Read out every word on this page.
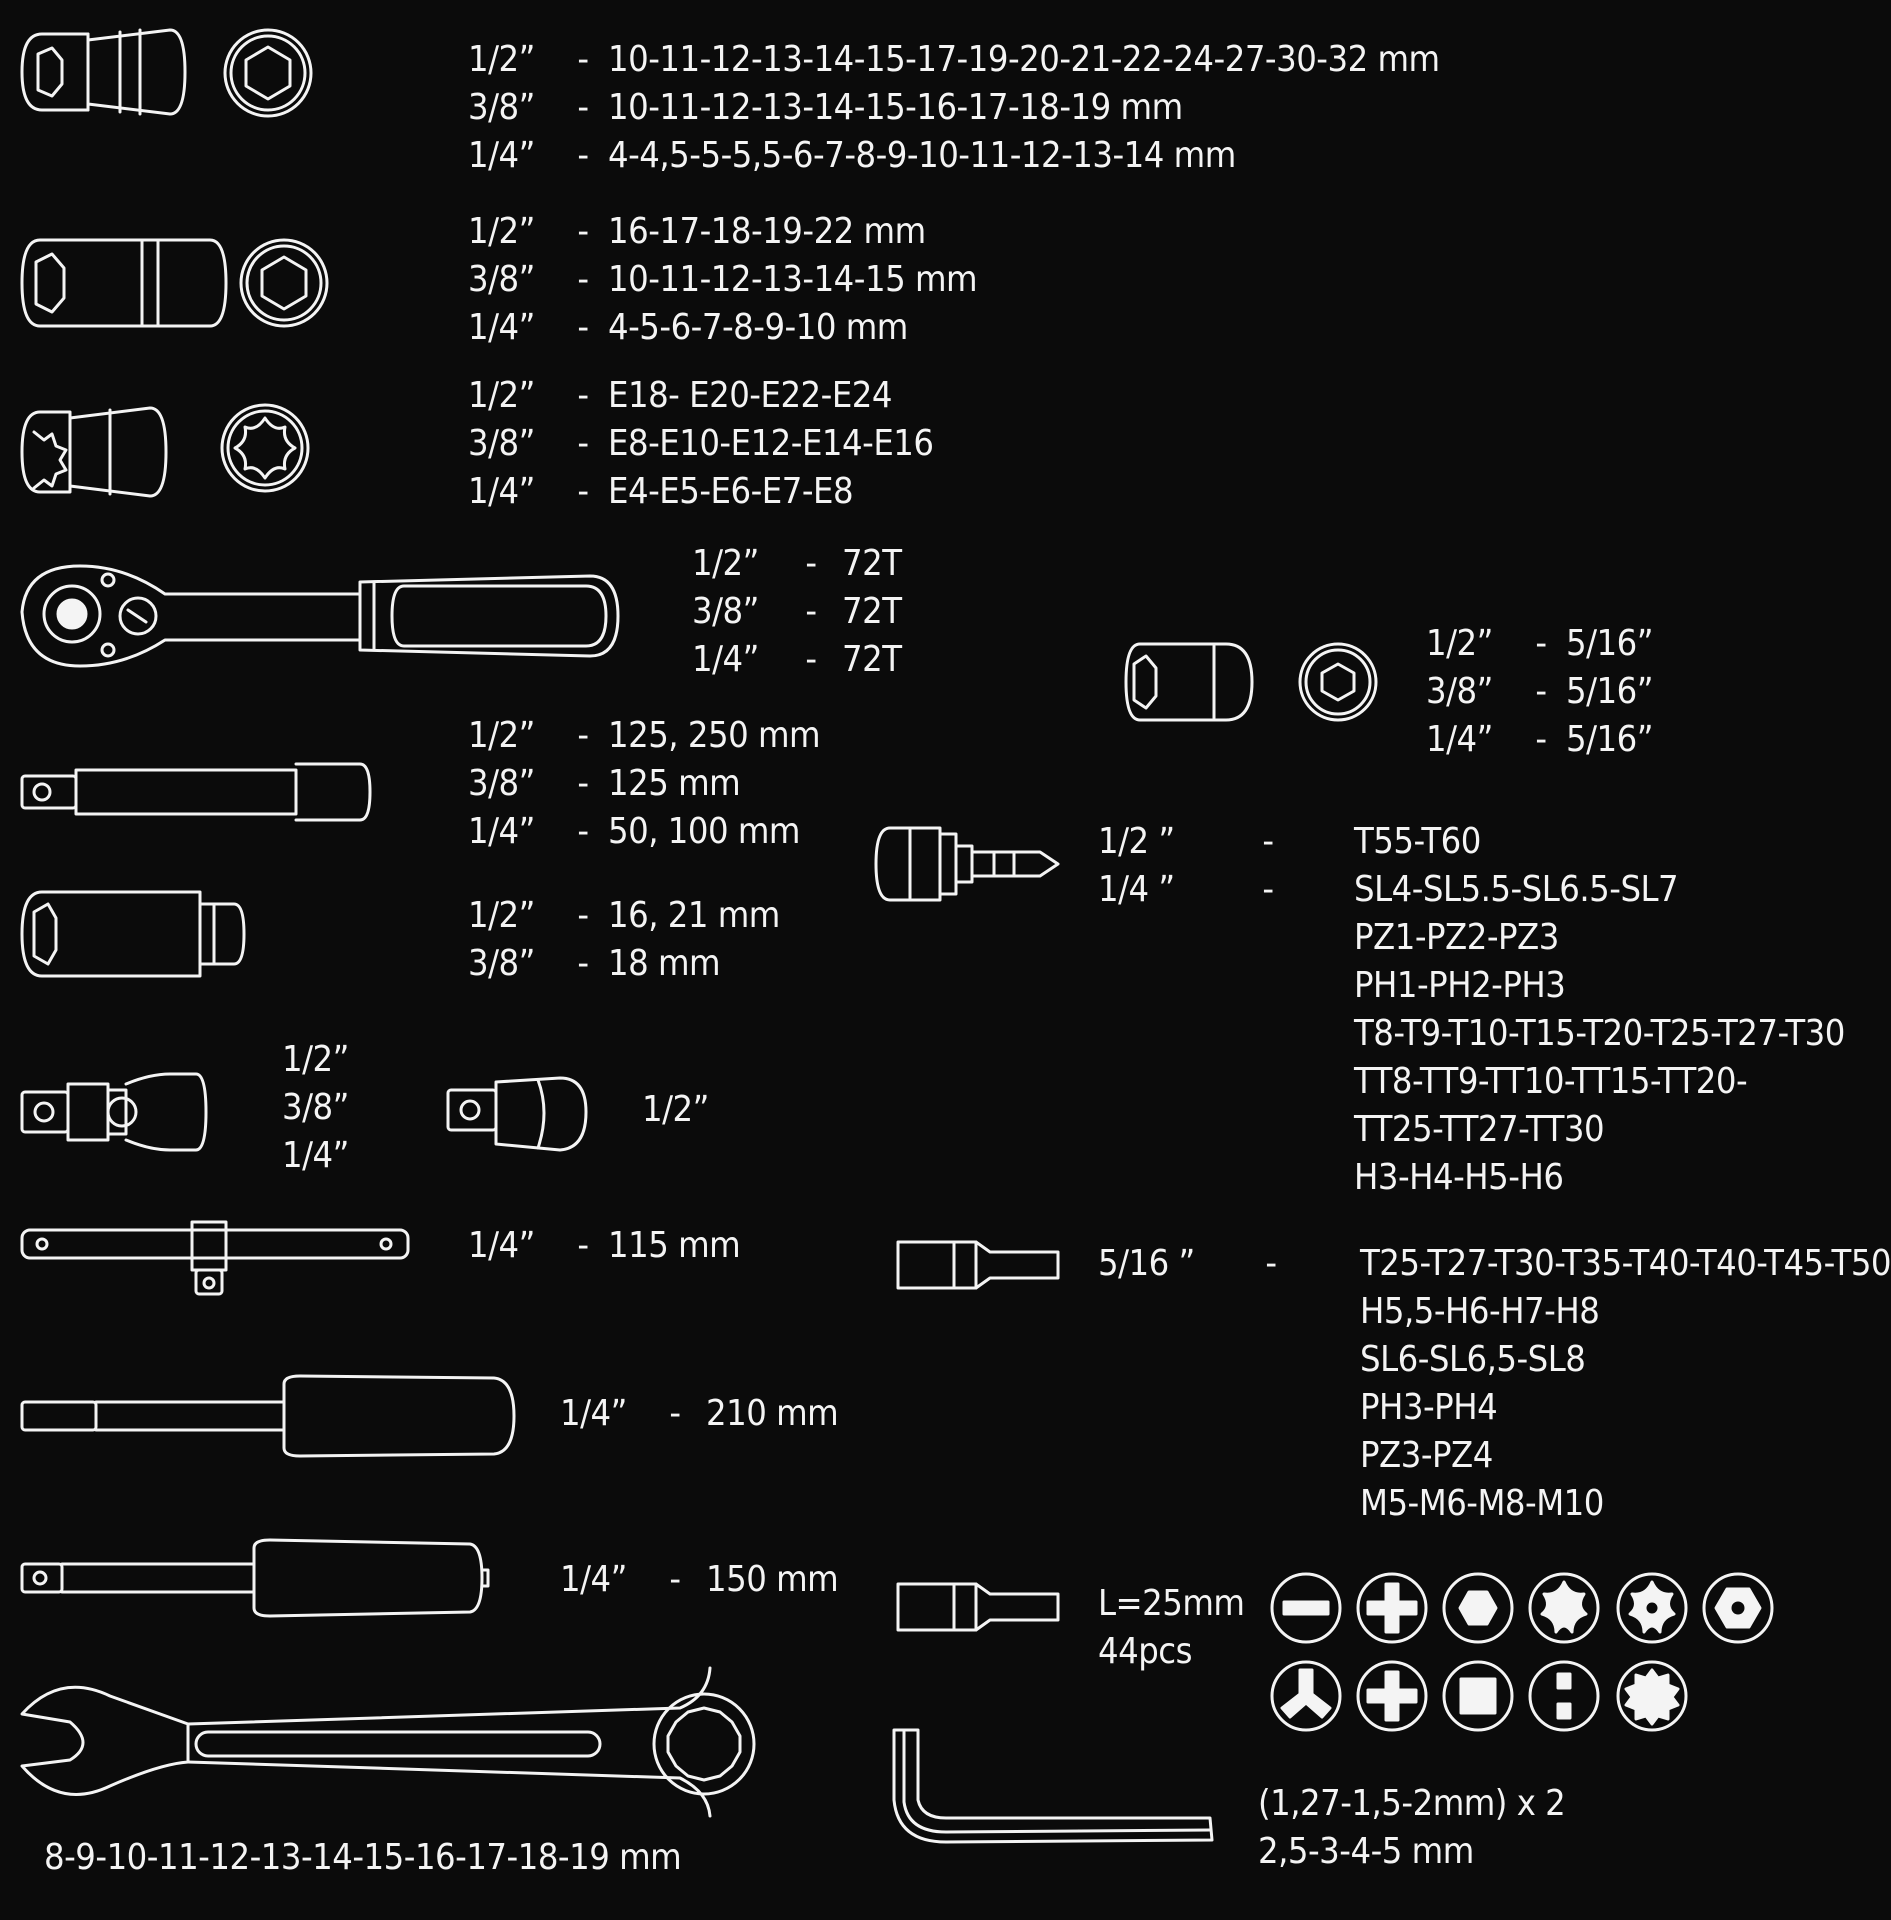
1/2”	- 10-11-12-13-14-15-17-19-20-21-22-24-27-30-32 mm
3/8”	- 10-11-12-13-14-15-16-17-18-19 mm
1/4”	- 4-4,5-5-5,5-6-7-8-9-10-11-12-13-14 mm
1/2”	- 16-17-18-19-22 mm
3/8”	- 10-11-12-13-14-15 mm
1/4”	- 4-5-6-7-8-9-10 mm
1/2”	- E18- E20-E22-E24
3/8”	- E8-E10-E12-E14-E16
1/4”	- E4-E5-E6-E7-E8
1/2”	- 72T
3/8”	- 72T
1/4”	- 72T
1/2”	- 125, 250 mm
3/8”	- 125 mm
1/4”	- 50, 100 mm
1/2”	- 16, 21 mm
3/8”	- 18 mm
1/4”	- 115 mm
1/4”	- 210 mm
1/4”	- 150 mm
1/2”	- 5/16”
3/8”	- 5/16”
1/4”	- 5/16”
1/2 ”	-	T55-T60
1/4 ”	-	SL4-SL5.5-SL6.5-SL7
PZ1-PZ2-PZ3
PH1-PH2-PH3
T8-T9-T10-T15-T20-T25-T27-T30
TT8-TT9-TT10-TT15-TT20-
TT25-TT27-TT30
H3-H4-H5-H6
5/16 ”	-	T25-T27-T30-T35-T40-T40-T45-T50
H5,5-H6-H7-H8
SL6-SL6,5-SL8
PH3-PH4
PZ3-PZ4
M5-M6-M8-M10
1/2”
3/8”
1/4”
1/2”
8-9-10-11-12-13-14-15-16-17-18-19 mm
L=25mm
44pcs
(1,27-1,5-2mm) x 2
2,5-3-4-5 mm
